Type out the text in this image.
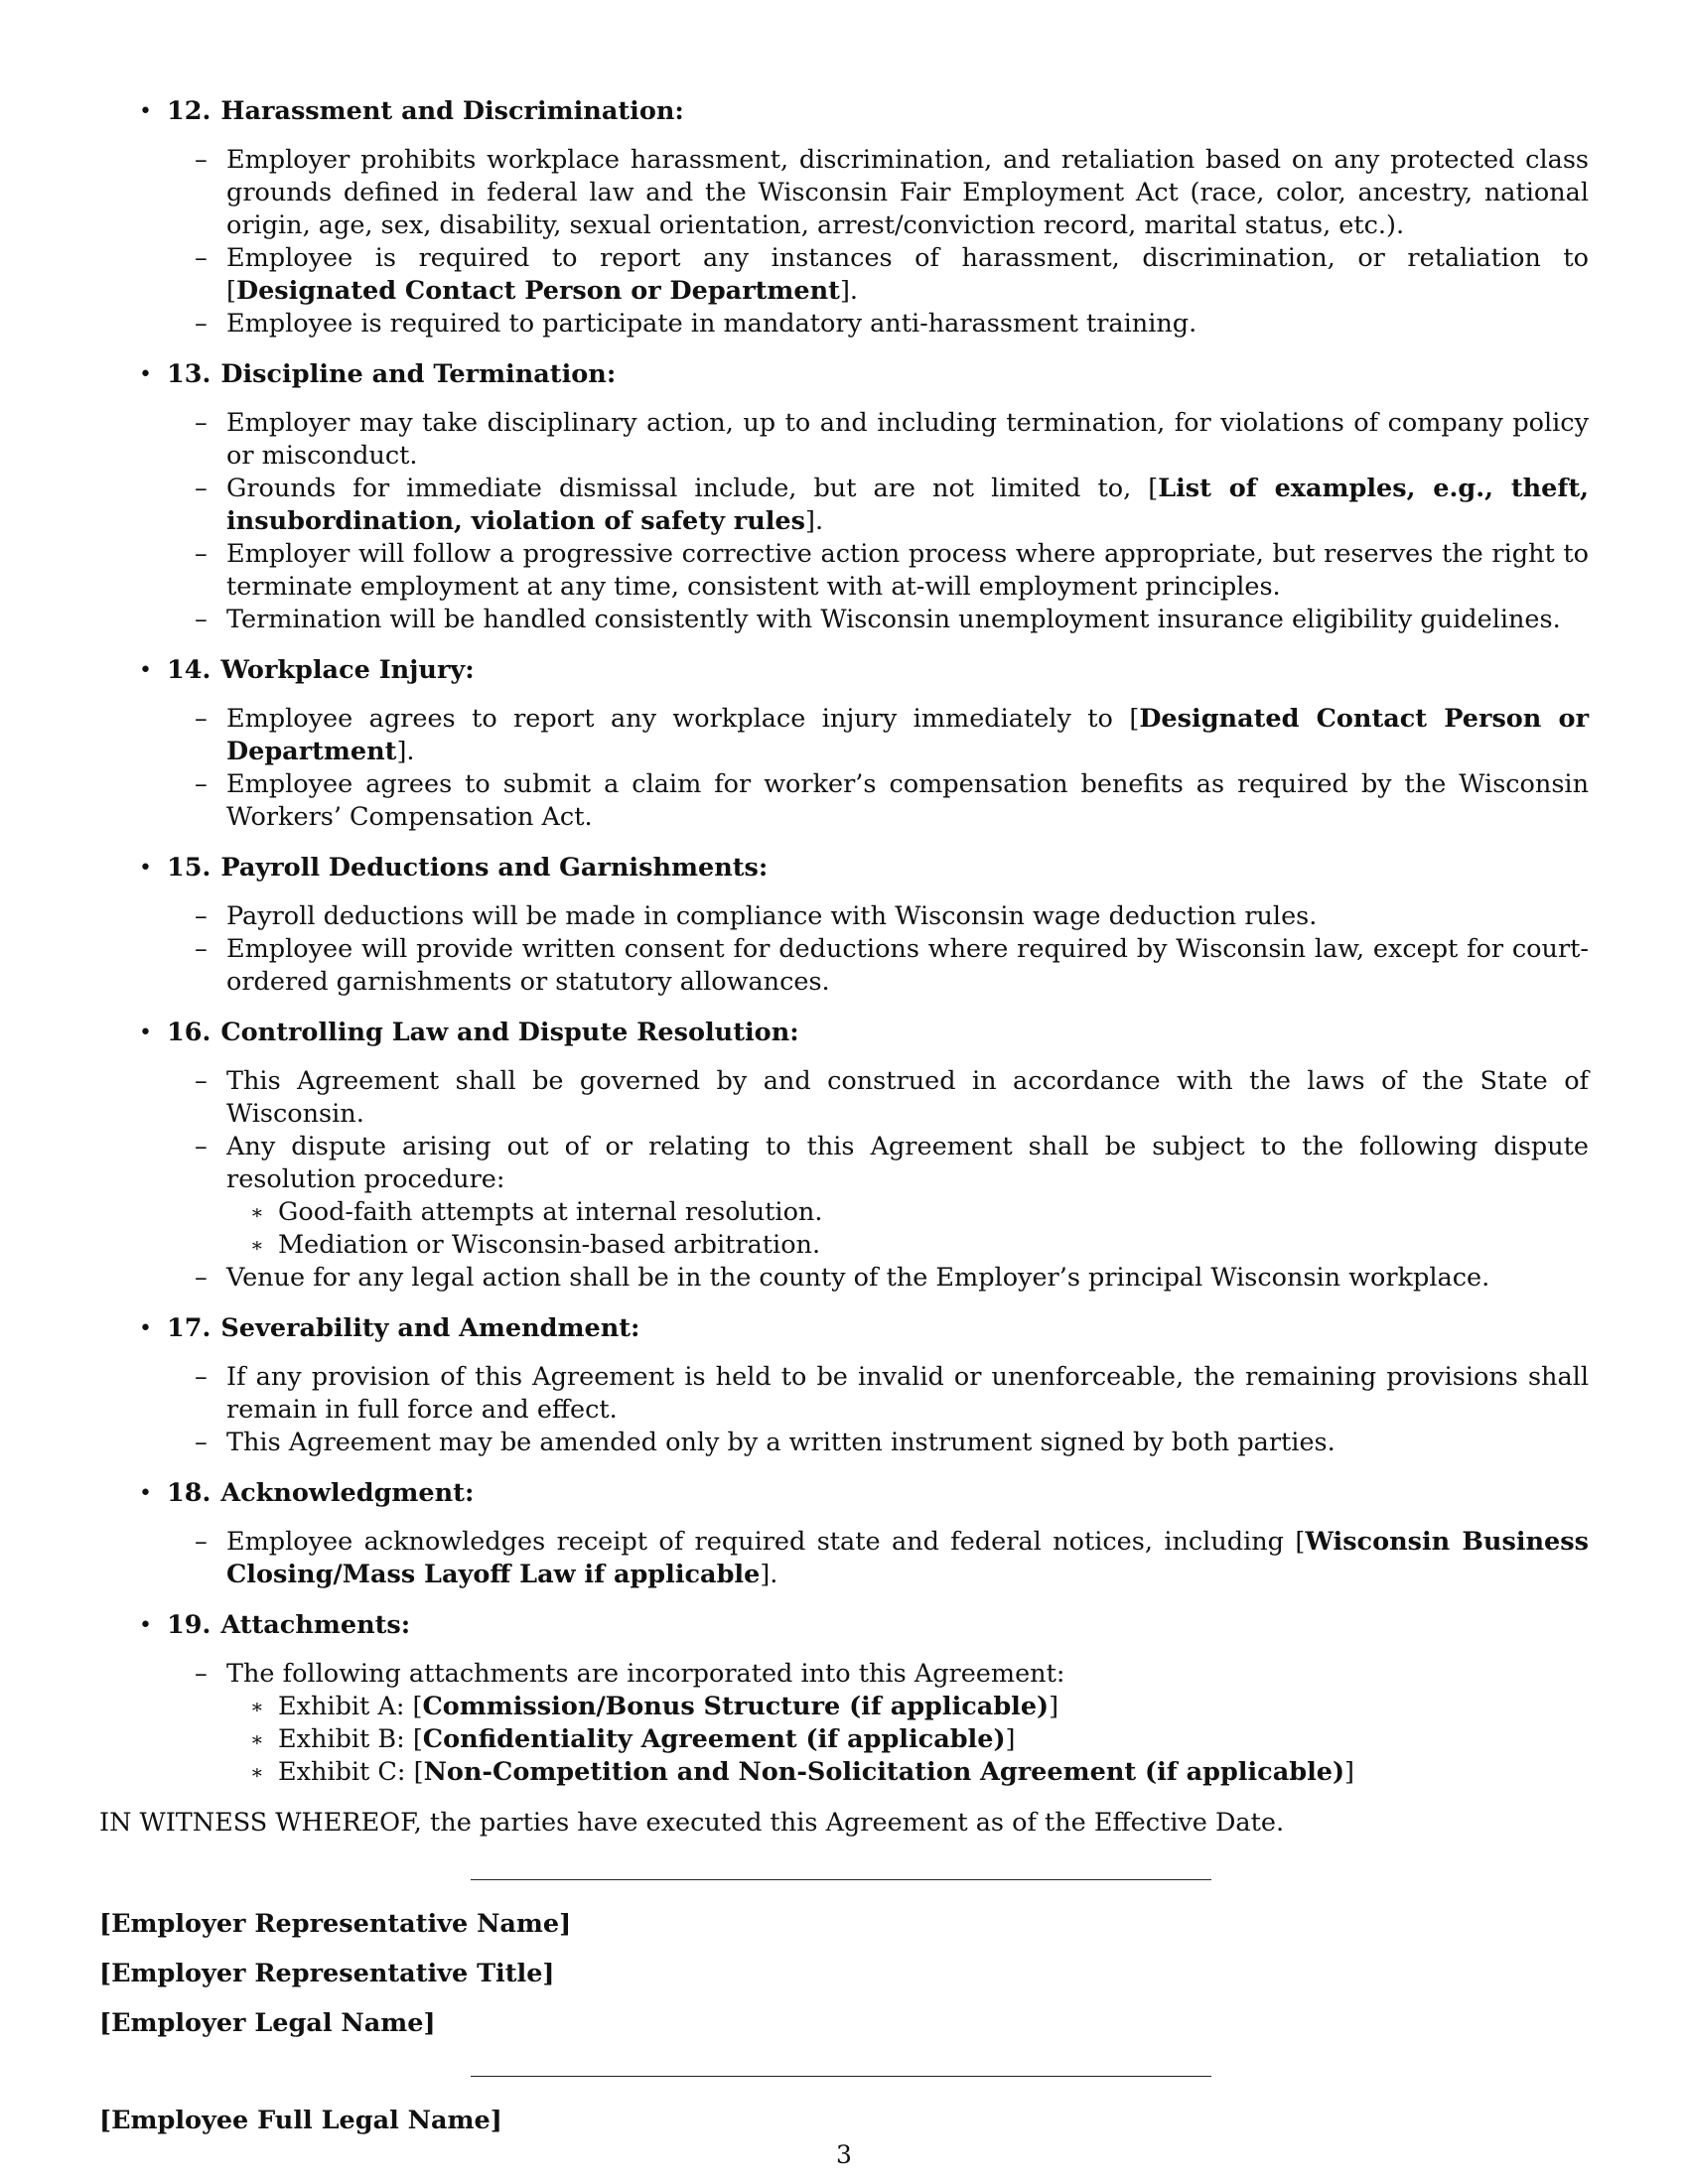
• 12. Harassment and Discrimination:
– Employer prohibits workplace harassment, discrimination, and retaliation based on any protected class grounds defined in federal law and the Wisconsin Fair Employment Act (race, color, ancestry, national origin, age, sex, disability, sexual orientation, arrest/conviction record, marital status, etc.).
– Employee is required to report any instances of harassment, discrimination, or retaliation to [Designated Contact Person or Department].
– Employee is required to participate in mandatory anti-harassment training.
• 13. Discipline and Termination:
– Employer may take disciplinary action, up to and including termination, for violations of company policy or misconduct.
– Grounds for immediate dismissal include, but are not limited to, [List of examples, e.g., theft, insubordination, violation of safety rules].
– Employer will follow a progressive corrective action process where appropriate, but reserves the right to terminate employment at any time, consistent with at-will employment principles.
– Termination will be handled consistently with Wisconsin unemployment insurance eligibility guidelines.
• 14. Workplace Injury:
– Employee agrees to report any workplace injury immediately to [Designated Contact Person or Department].
– Employee agrees to submit a claim for worker’s compensation benefits as required by the Wisconsin Workers’ Compensation Act.
• 15. Payroll Deductions and Garnishments:
– Payroll deductions will be made in compliance with Wisconsin wage deduction rules.
– Employee will provide written consent for deductions where required by Wisconsin law, except for court-ordered garnishments or statutory allowances.
• 16. Controlling Law and Dispute Resolution:
– This Agreement shall be governed by and construed in accordance with the laws of the State of Wisconsin.
– Any dispute arising out of or relating to this Agreement shall be subject to the following dispute resolution procedure:
∗ Good-faith attempts at internal resolution.
∗ Mediation or Wisconsin-based arbitration.
– Venue for any legal action shall be in the county of the Employer’s principal Wisconsin workplace.
• 17. Severability and Amendment:
– If any provision of this Agreement is held to be invalid or unenforceable, the remaining provisions shall remain in full force and effect.
– This Agreement may be amended only by a written instrument signed by both parties.
• 18. Acknowledgment:
– Employee acknowledges receipt of required state and federal notices, including [Wisconsin Business Closing/Mass Layoff Law if applicable].
• 19. Attachments:
– The following attachments are incorporated into this Agreement:
∗ Exhibit A: [Commission/Bonus Structure (if applicable)]
∗ Exhibit B: [Confidentiality Agreement (if applicable)]
∗ Exhibit C: [Non-Competition and Non-Solicitation Agreement (if applicable)]
IN WITNESS WHEREOF, the parties have executed this Agreement as of the Effective Date.
[Employer Representative Name]
[Employer Representative Title]
[Employer Legal Name]
[Employee Full Legal Name]
3
